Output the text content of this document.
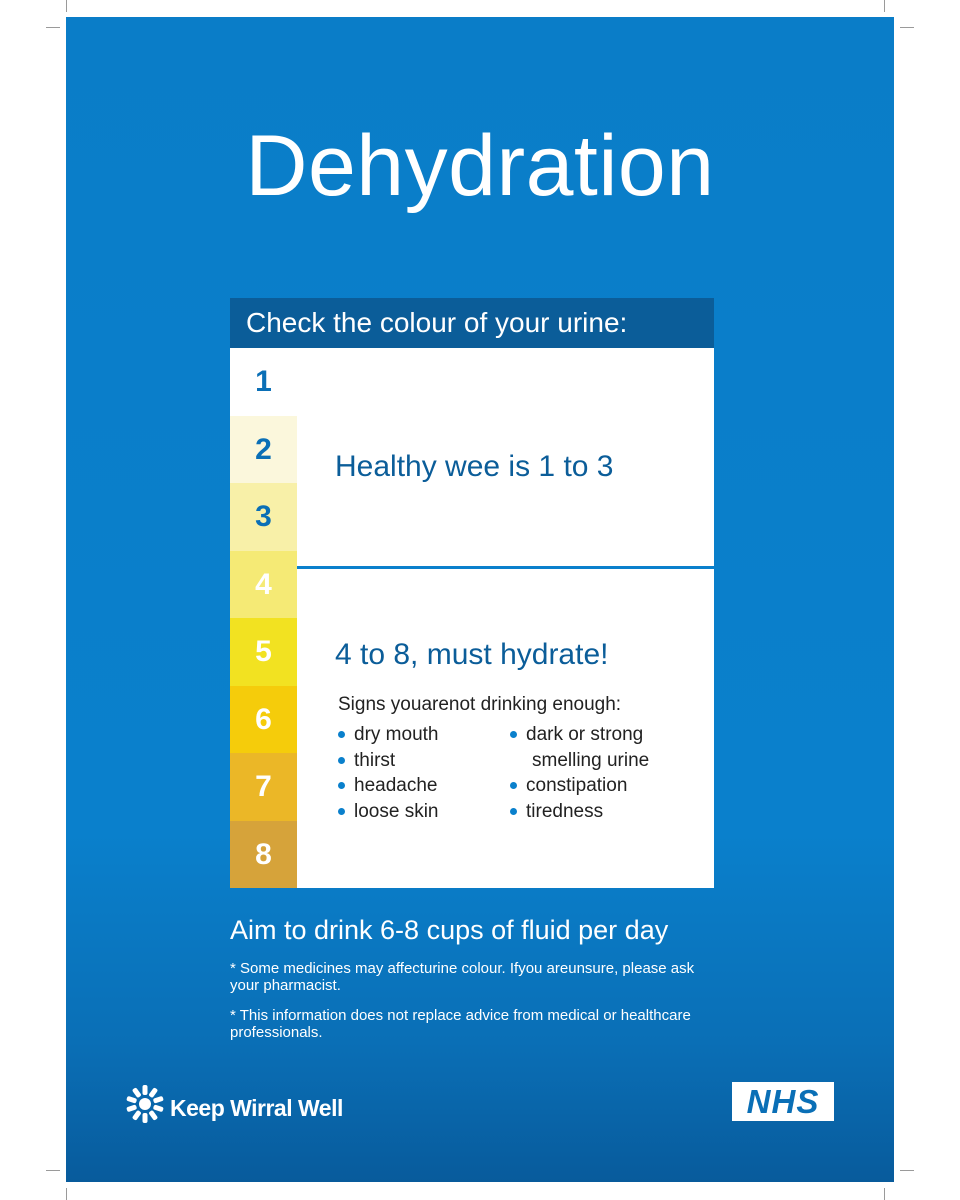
Dehydration
Check the colour of your urine:
1
2
3
4
5
6
7
8
Healthy wee is 1 to 3
4 to 8, must hydrate!
Signs youarenot drinking enough:
dry mouth
thirst
headache
loose skin
dark or strong
smelling urine
constipation
tiredness
Aim to drink 6-8 cups of fluid per day
* Some medicines may affecturine colour. Ifyou areunsure, please ask your pharmacist.
* This information does not replace advice from medical or healthcare professionals.
Keep Wirral Well	NHS
